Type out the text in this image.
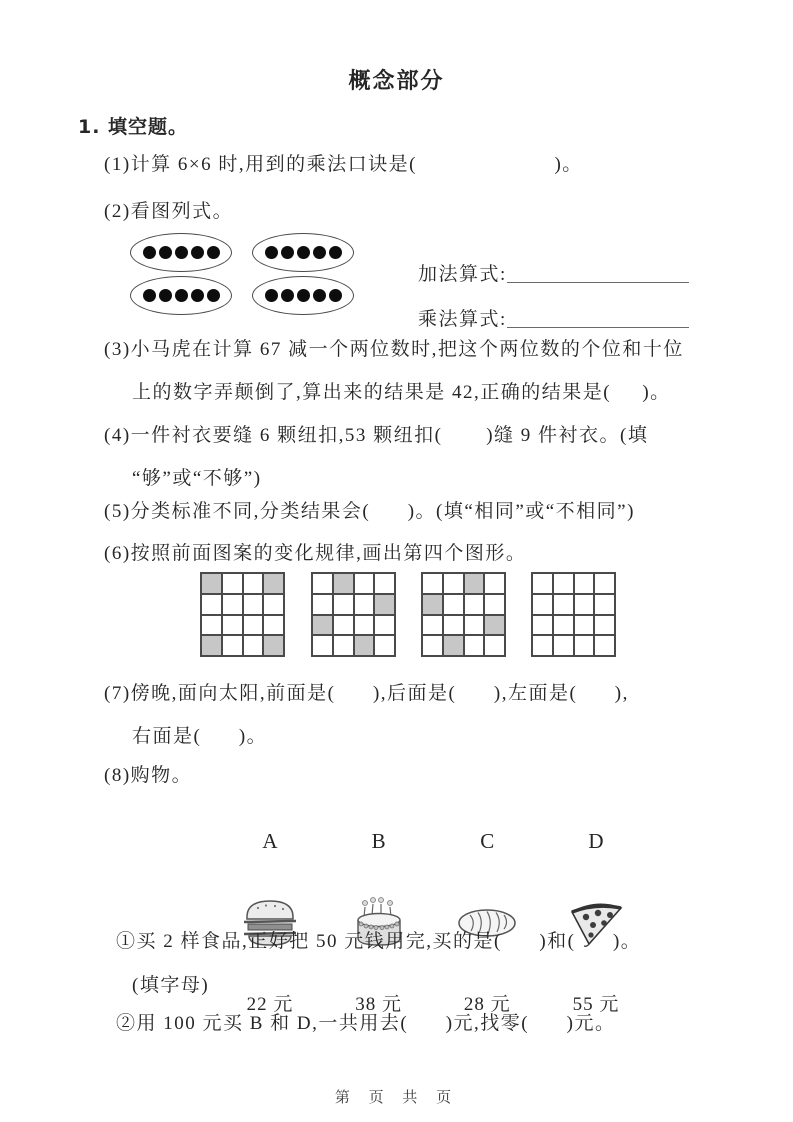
概念部分
1. 填空题。
(1)计算 6×6 时,用到的乘法口诀是(                      )。
(2)看图列式。

加法算式:

乘法算式:

(3)小马虎在计算 67 减一个两位数时,把这个两位数的个位和十位
上的数字弄颠倒了,算出来的结果是 42,正确的结果是(     )。
(4)一件衬衣要缝 6 颗纽扣,53 颗纽扣(       )缝 9 件衬衣。(填
“够”或“不够”)
(5)分类标准不同,分类结果会(      )。(填“相同”或“不相同”)
(6)按照前面图案的变化规律,画出第四个图形。
(7)傍晚,面向太阳,前面是(      ),后面是(      ),左面是(      ),
右面是(      )。
(8)购物。

A

22 元

B

38 元

C

28 元

D

55 元

①买 2 样食品,正好把 50 元钱用完,买的是(      )和(      )。
(填字母)
②用 100 元买 B 和 D,一共用去(      )元,找零(      )元。
第 页 共 页
